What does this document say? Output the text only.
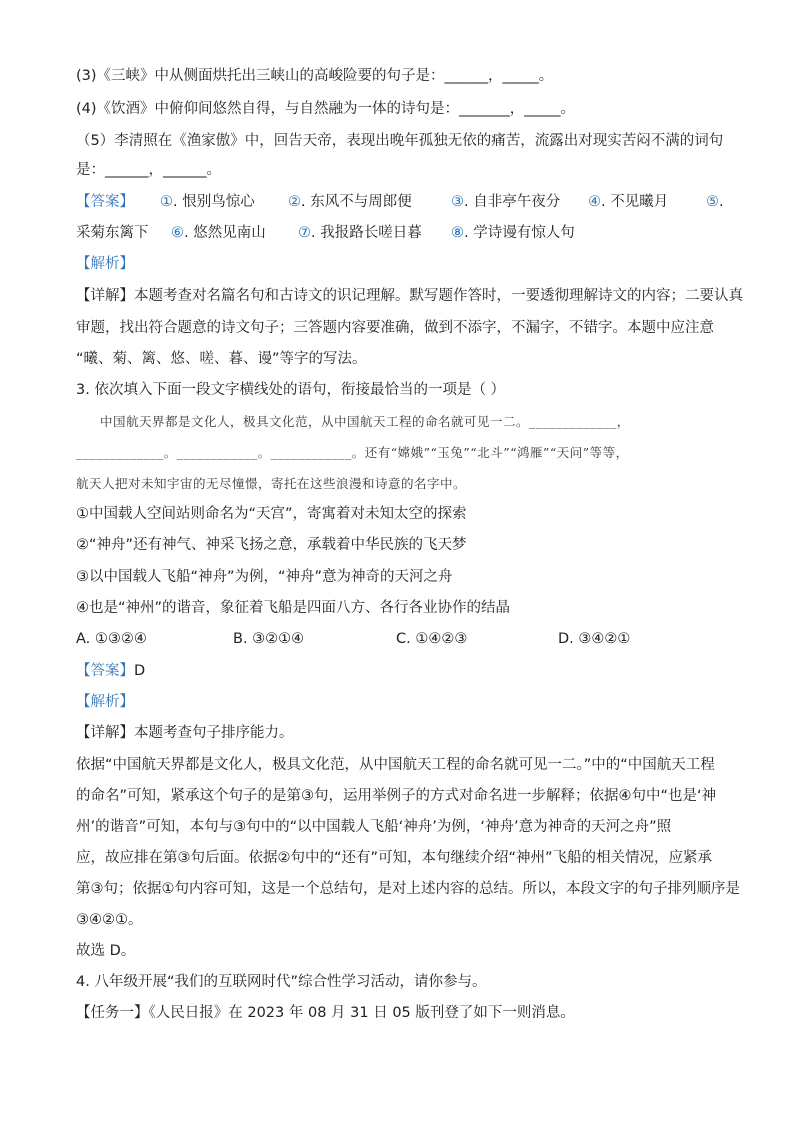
(3)《三峡》中从侧面烘托出三峡山的高峻险要的句子是：______，_____。
(4)《饮酒》中俯仰间悠然自得，与自然融为一体的诗句是：_______，_____。
（5）李清照在《渔家傲》中，回告天帝，表现出晚年孤独无依的痛苦，流露出对现实苦闷不满的词句
是：______，______。
【答案】 ①. 恨别鸟惊心 ②. 东风不与周郎便	③. 自非亭午夜分 ④. 不见曦月	⑤.
采菊东篱下 ⑥. 悠然见南山 ⑦. 我报路长嗟日暮 ⑧. 学诗谩有惊人句
【解析】
【详解】本题考查对名篇名句和古诗文的识记理解。默写题作答时，一要透彻理解诗文的内容；二要认真
审题，找出符合题意的诗文句子；三答题内容要准确，做到不添字，不漏字，不错字。本题中应注意
“曦、菊、篱、悠、嗟、暮、谩”等字的写法。
3. 依次填入下面一段文字横线处的语句，衔接最恰当的一项是（ ）
中国航天界都是文化人，极具文化范，从中国航天工程的命名就可见一二。_____________，
_____________。____________。____________。还有“嫦娥”“玉兔”“北斗”“鸿雁”“天问”等等，
航天人把对未知宇宙的无尽憧憬，寄托在这些浪漫和诗意的名字中。
①中国载人空间站则命名为“天宫”，寄寓着对未知太空的探索
②“神舟”还有神气、神采飞扬之意，承载着中华民族的飞天梦
③以中国载人飞船“神舟”为例，“神舟”意为神奇的天河之舟
④也是“神州”的谐音，象征着飞船是四面八方、各行各业协作的结晶
A. ①③②④	B. ③②①④	C. ①④②③	D. ③④②①
【答案】D
【解析】
【详解】本题考查句子排序能力。
依据“中国航天界都是文化人，极具文化范，从中国航天工程的命名就可见一二。”中的“中国航天工程
的命名”可知，紧承这个句子的是第③句，运用举例子的方式对命名进一步解释；依据④句中“也是‘神
州’的谐音”可知，本句与③句中的“以中国载人飞船‘神舟’为例，‘神舟’意为神奇的天河之舟”照
应，故应排在第③句后面。依据②句中的“还有”可知，本句继续介绍“神州”飞船的相关情况，应紧承
第③句；依据①句内容可知，这是一个总结句，是对上述内容的总结。所以，本段文字的句子排列顺序是
③④②①。
故选 D。
4. 八年级开展“我们的互联网时代”综合性学习活动，请你参与。
【任务一】《人民日报》在 2023 年 08 月 31 日 05 版刊登了如下一则消息。
